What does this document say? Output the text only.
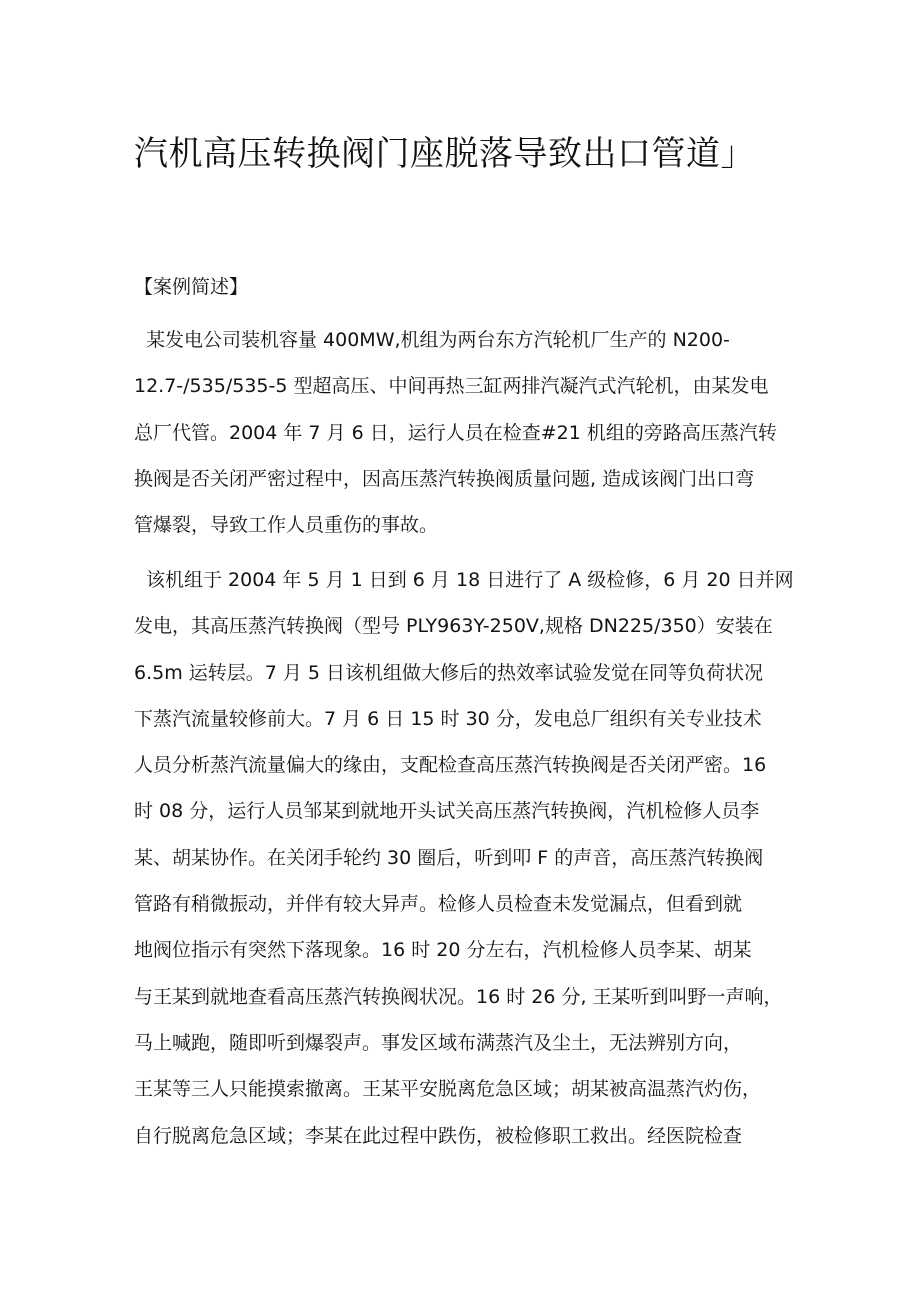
汽机高压转换阀门座脱落导致出口管道」
【案例简述】
某发电公司装机容量 400MW,机组为两台东方汽轮机厂生产的 N200-
12.7-/535/535-5 型超高压、中间再热三缸两排汽凝汽式汽轮机，由某发电
总厂代管。2004 年 7 月 6 日，运行人员在检查#21 机组的旁路高压蒸汽转
换阀是否关闭严密过程中，因高压蒸汽转换阀质量问题, 造成该阀门出口弯
管爆裂，导致工作人员重伤的事故。
该机组于 2004 年 5 月 1 日到 6 月 18 日进行了 A 级检修，6 月 20 日并网
发电，其高压蒸汽转换阀（型号 PLY963Y-250V,规格 DN225/350）安装在
6.5m 运转层。7 月 5 日该机组做大修后的热效率试验发觉在同等负荷状况
下蒸汽流量较修前大。7 月 6 日 15 时 30 分，发电总厂组织有关专业技术
人员分析蒸汽流量偏大的缘由，支配检查高压蒸汽转换阀是否关闭严密。16
时 08 分，运行人员邹某到就地开头试关高压蒸汽转换阀，汽机检修人员李
某、胡某协作。在关闭手轮约 30 圈后，听到叩 F 的声音，高压蒸汽转换阀
管路有稍微振动，并伴有较大异声。检修人员检查未发觉漏点，但看到就
地阀位指示有突然下落现象。16 时 20 分左右，汽机检修人员李某、胡某
与王某到就地查看高压蒸汽转换阀状况。16 时 26 分, 王某听到叫野一声响，
马上喊跑，随即听到爆裂声。事发区域布满蒸汽及尘土，无法辨别方向，
王某等三人只能摸索撤离。王某平安脱离危急区域；胡某被高温蒸汽灼伤，
自行脱离危急区域；李某在此过程中跌伤，被检修职工救出。经医院检查
